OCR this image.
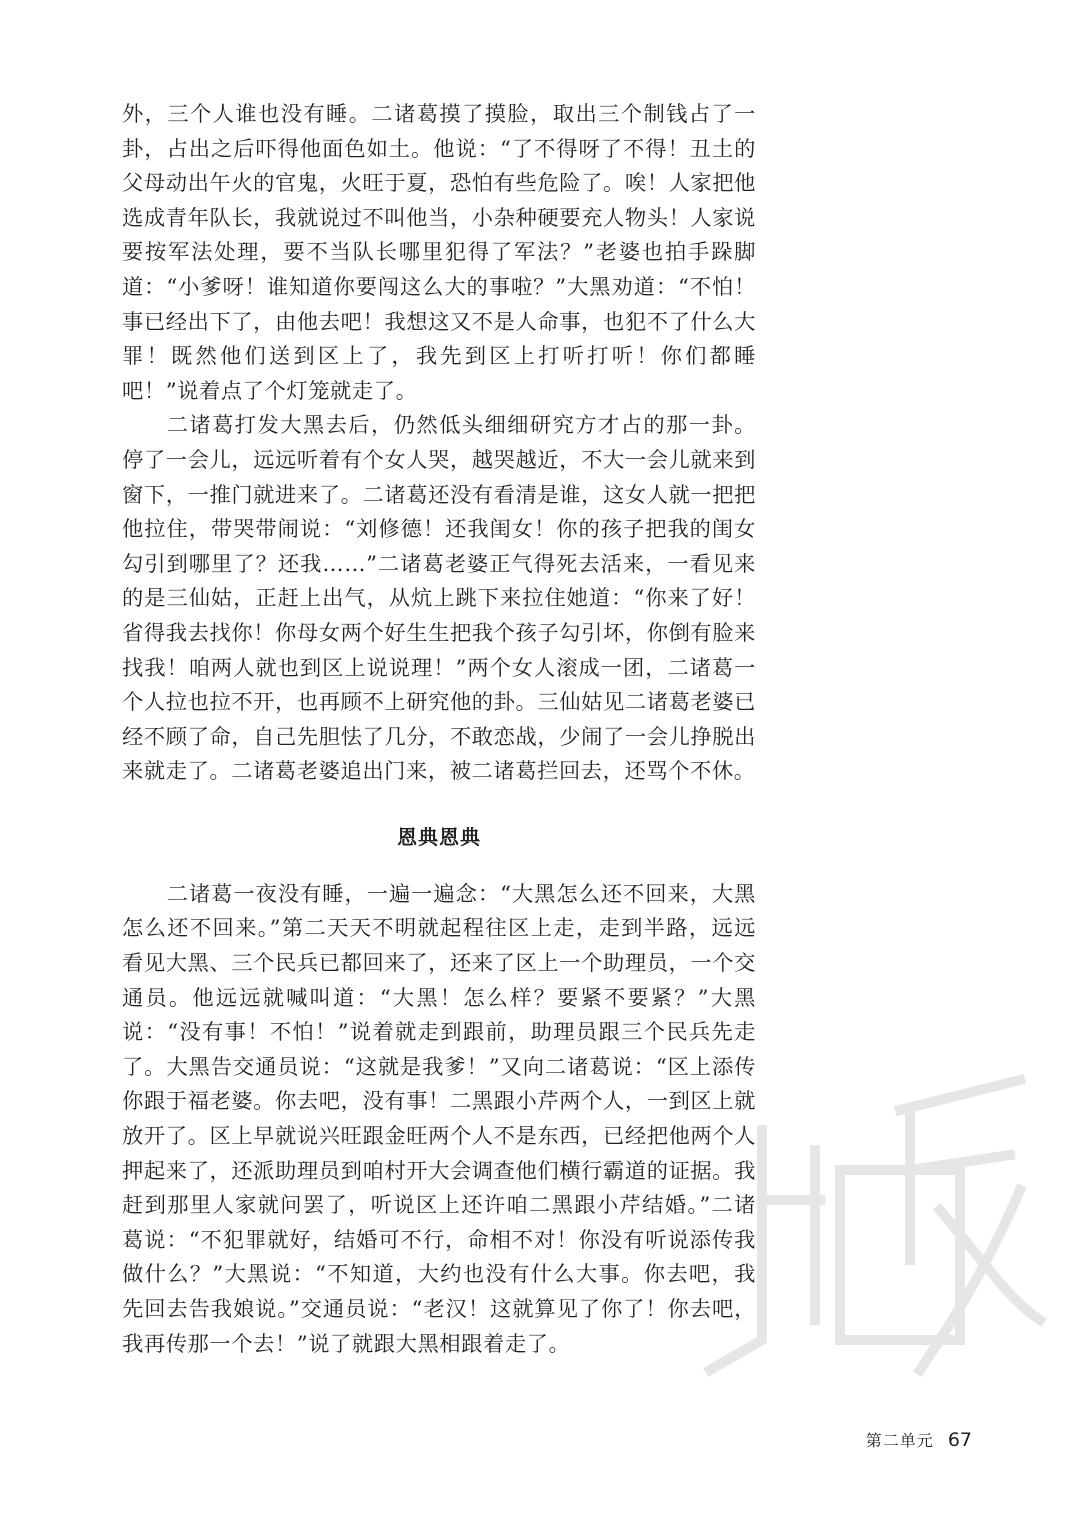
外，三个人谁也没有睡。二诸葛摸了摸脸，取出三个制钱占了一卦，占出之后吓得他面色如土。他说：“了不得呀了不得！丑土的父母动出午火的官鬼，火旺于夏，恐怕有些危险了。唉！人家把他选成青年队长，我就说过不叫他当，小杂种硬要充人物头！人家说要按军法处理，要不当队长哪里犯得了军法？”老婆也拍手跺脚道：“小爹呀！谁知道你要闯这么大的事啦？”大黑劝道：“不怕！事已经出下了，由他去吧！我想这又不是人命事，也犯不了什么大罪！既然他们送到区上了，我先到区上打听打听！你们都睡吧！”说着点了个灯笼就走了。

二诸葛打发大黑去后，仍然低头细细研究方才占的那一卦。停了一会儿，远远听着有个女人哭，越哭越近，不大一会儿就来到窗下，一推门就进来了。二诸葛还没有看清是谁，这女人就一把把他拉住，带哭带闹说：“刘修德！还我闺女！你的孩子把我的闺女勾引到哪里了？还我……”二诸葛老婆正气得死去活来，一看见来的是三仙姑，正赶上出气，从炕上跳下来拉住她道：“你来了好！省得我去找你！你母女两个好生生把我个孩子勾引坏，你倒有脸来找我！咱两人就也到区上说说理！”两个女人滚成一团，二诸葛一个人拉也拉不开，也再顾不上研究他的卦。三仙姑见二诸葛老婆已经不顾了命，自己先胆怯了几分，不敢恋战，少闹了一会儿挣脱出来就走了。二诸葛老婆追出门来，被二诸葛拦回去，还骂个不休。

恩典恩典

二诸葛一夜没有睡，一遍一遍念：“大黑怎么还不回来，大黑怎么还不回来。”第二天天不明就起程往区上走，走到半路，远远看见大黑、三个民兵已都回来了，还来了区上一个助理员，一个交通员。他远远就喊叫道：“大黑！怎么样？要紧不要紧？”大黑说：“没有事！不怕！”说着就走到跟前，助理员跟三个民兵先走了。大黑告交通员说：“这就是我爹！”又向二诸葛说：“区上添传你跟于福老婆。你去吧，没有事！二黑跟小芹两个人，一到区上就放开了。区上早就说兴旺跟金旺两个人不是东西，已经把他两个人押起来了，还派助理员到咱村开大会调查他们横行霸道的证据。我赶到那里人家就问罢了，听说区上还许咱二黑跟小芹结婚。”二诸葛说：“不犯罪就好，结婚可不行，命相不对！你没有听说添传我做什么？”大黑说：“不知道，大约也没有什么大事。你去吧，我先回去告我娘说。”交通员说：“老汉！这就算见了你了！你去吧，我再传那一个去！”说了就跟大黑相跟着走了。

第二单元 67
